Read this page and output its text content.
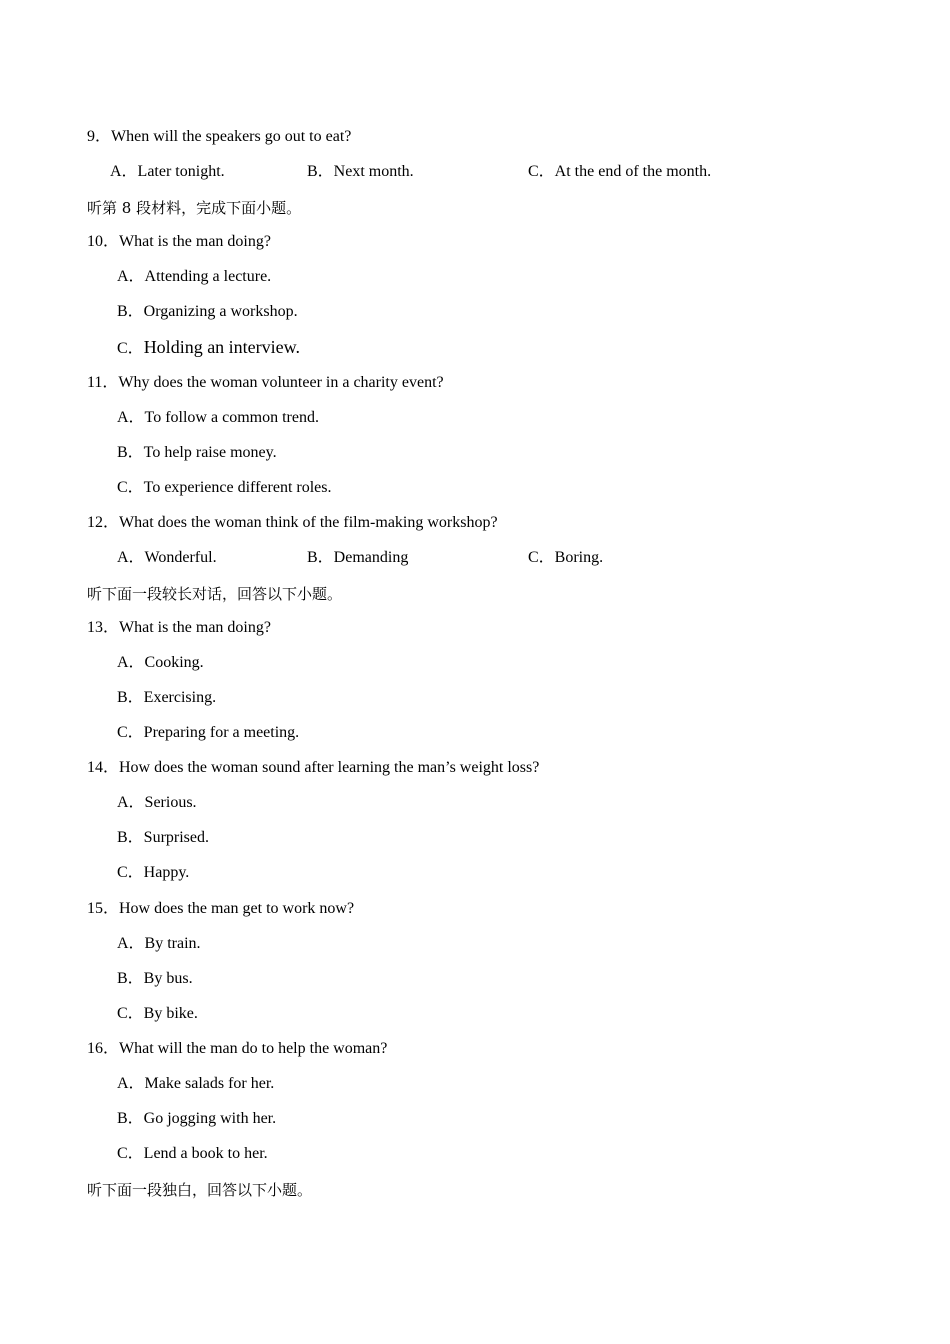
9．When will the speakers go out to eat?
A．Later tonight.	B．Next month.	C．At the end of the month.
听第 8 段材料，完成下面小题。
10．What is the man doing?
A．Attending a lecture.
B．Organizing a workshop.
C．Holding an interview.
11．Why does the woman volunteer in a charity event?
A．To follow a common trend.
B．To help raise money.
C．To experience different roles.
12．What does the woman think of the film-making workshop?
A．Wonderful.	B．Demanding	C．Boring.
听下面一段较长对话，回答以下小题。
13．What is the man doing?
A．Cooking.
B．Exercising.
C．Preparing for a meeting.
14．How does the woman sound after learning the man’s weight loss?
A．Serious.
B．Surprised.
C．Happy.
15．How does the man get to work now?
A．By train.
B．By bus.
C．By bike.
16．What will the man do to help the woman?
A．Make salads for her.
B．Go jogging with her.
C．Lend a book to her.
听下面一段独白，回答以下小题。
